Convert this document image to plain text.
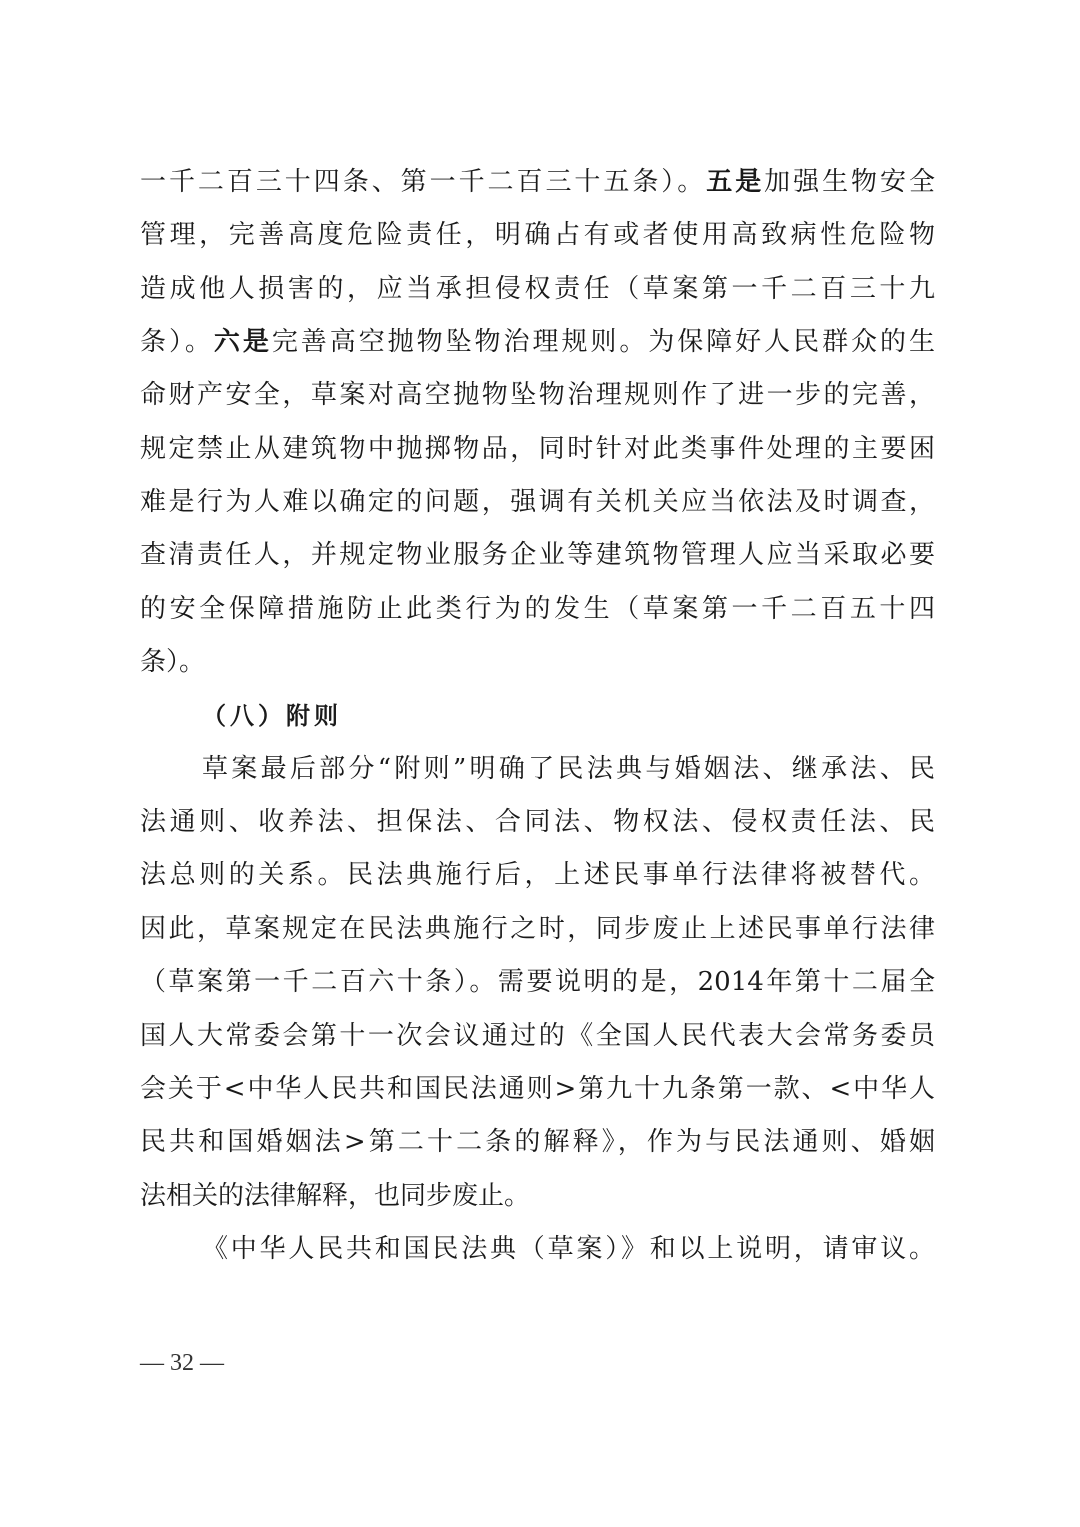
一千二百三十四条、第一千二百三十五条）。五是加强生物安全
管理，完善高度危险责任，明确占有或者使用高致病性危险物
造成他人损害的，应当承担侵权责任（草案第一千二百三十九
条）。六是完善高空抛物坠物治理规则。为保障好人民群众的生
命财产安全，草案对高空抛物坠物治理规则作了进一步的完善，
规定禁止从建筑物中抛掷物品，同时针对此类事件处理的主要困
难是行为人难以确定的问题，强调有关机关应当依法及时调查，
查清责任人，并规定物业服务企业等建筑物管理人应当采取必要
的安全保障措施防止此类行为的发生（草案第一千二百五十四
条）。
（八）附则
草案最后部分“附则”明确了民法典与婚姻法、继承法、民
法通则、收养法、担保法、合同法、物权法、侵权责任法、民
法总则的关系。民法典施行后，上述民事单行法律将被替代。
因此，草案规定在民法典施行之时，同步废止上述民事单行法律
（草案第一千二百六十条）。需要说明的是，2014年第十二届全
国人大常委会第十一次会议通过的《全国人民代表大会常务委员
会关于<中华人民共和国民法通则>第九十九条第一款、<中华人
民共和国婚姻法>第二十二条的解释》，作为与民法通则、婚姻
法相关的法律解释，也同步废止。
《中华人民共和国民法典（草案）》和以上说明，请审议。
— 32 —
